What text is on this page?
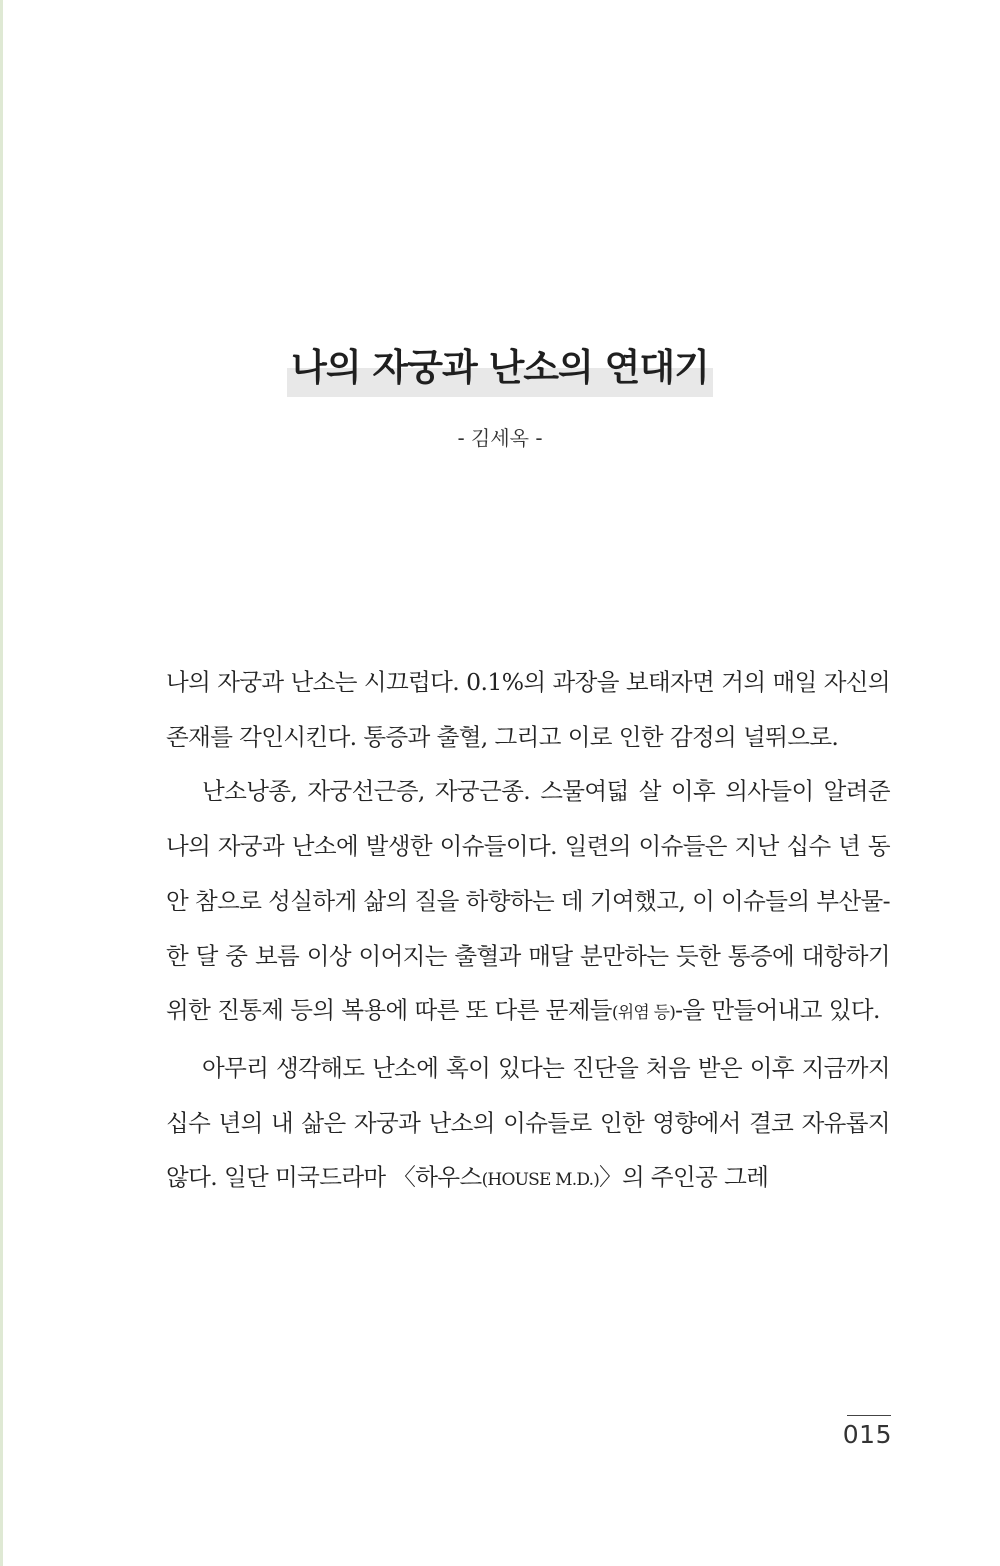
나의 자궁과 난소의 연대기
- 김세옥 -

나의 자궁과 난소는 시끄럽다. 0.1%의 과장을 보태자면 거의 매일 자신의 존재를 각인시킨다. 통증과 출혈, 그리고 이로 인한 감정의 널뛰으로.

난소낭종, 자궁선근증, 자궁근종. 스물여덟 살 이후 의사들이 알려준 나의 자궁과 난소에 발생한 이슈들이다. 일련의 이슈들은 지난 십수 년 동안 참으로 성실하게 삶의 질을 하향하는 데 기여했고, 이 이슈들의 부산물-한 달 중 보름 이상 이어지는 출혈과 매달 분만하는 듯한 통증에 대항하기 위한 진통제 등의 복용에 따른 또 다른 문제들(위염 등)-을 만들어내고 있다.

아무리 생각해도 난소에 혹이 있다는 진단을 처음 받은 이후 지금까지 십수 년의 내 삶은 자궁과 난소의 이슈들로 인한 영향에서 결코 자유롭지 않다. 일단 미국드라마 〈하우스(HOUSE M.D.)〉의 주인공 그레

015
